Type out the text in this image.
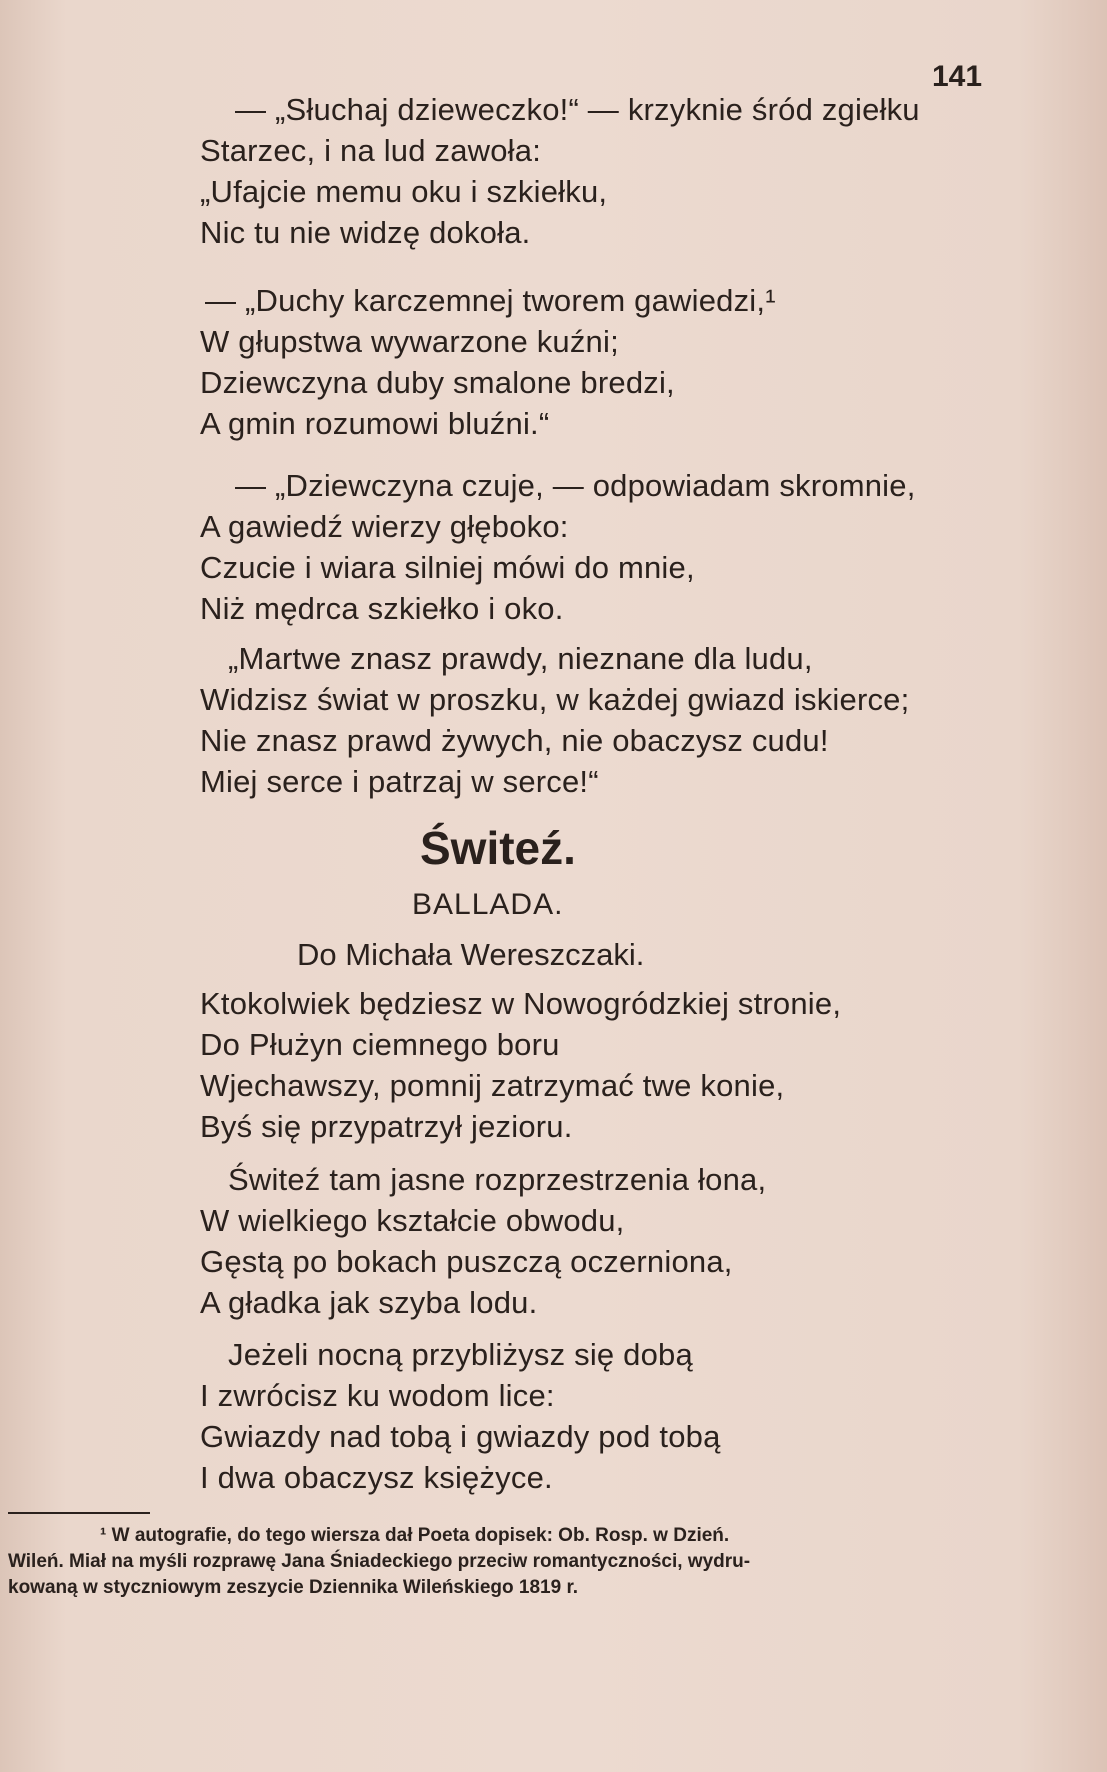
141
— „Słuchaj dzieweczko!“ — krzyknie śród zgiełku
Starzec, i na lud zawoła:
„Ufajcie memu oku i szkiełku,
Nic tu nie widzę dokoła.
— „Duchy karczemnej tworem gawiedzi,¹
W głupstwa wywarzone kuźni;
Dziewczyna duby smalone bredzi,
A gmin rozumowi bluźni.“
— „Dziewczyna czuje, — odpowiadam skromnie,
A gawiedź wierzy głęboko:
Czucie i wiara silniej mówi do mnie,
Niż mędrca szkiełko i oko.
„Martwe znasz prawdy, nieznane dla ludu,
Widzisz świat w proszku, w każdej gwiazd iskierce;
Nie znasz prawd żywych, nie obaczysz cudu!
Miej serce i patrzaj w serce!“
Świteź.
BALLADA.
Do Michała Wereszczaki.
Ktokolwiek będziesz w Nowogródzkiej stronie,
Do Płużyn ciemnego boru
Wjechawszy, pomnij zatrzymać twe konie,
Byś się przypatrzył jezioru.
Świteź tam jasne rozprzestrzenia łona,
W wielkiego kształcie obwodu,
Gęstą po bokach puszczą oczerniona,
A gładka jak szyba lodu.
Jeżeli nocną przybliżysz się dobą
I zwrócisz ku wodom lice:
Gwiazdy nad tobą i gwiazdy pod tobą
I dwa obaczysz księżyce.
¹ W autografie, do tego wiersza dał Poeta dopisek: Ob. Rosp. w Dzień.
Wileń. Miał na myśli rozprawę Jana Śniadeckiego przeciw romantyczności, wydru-
kowaną w styczniowym zeszycie Dziennika Wileńskiego 1819 r.
